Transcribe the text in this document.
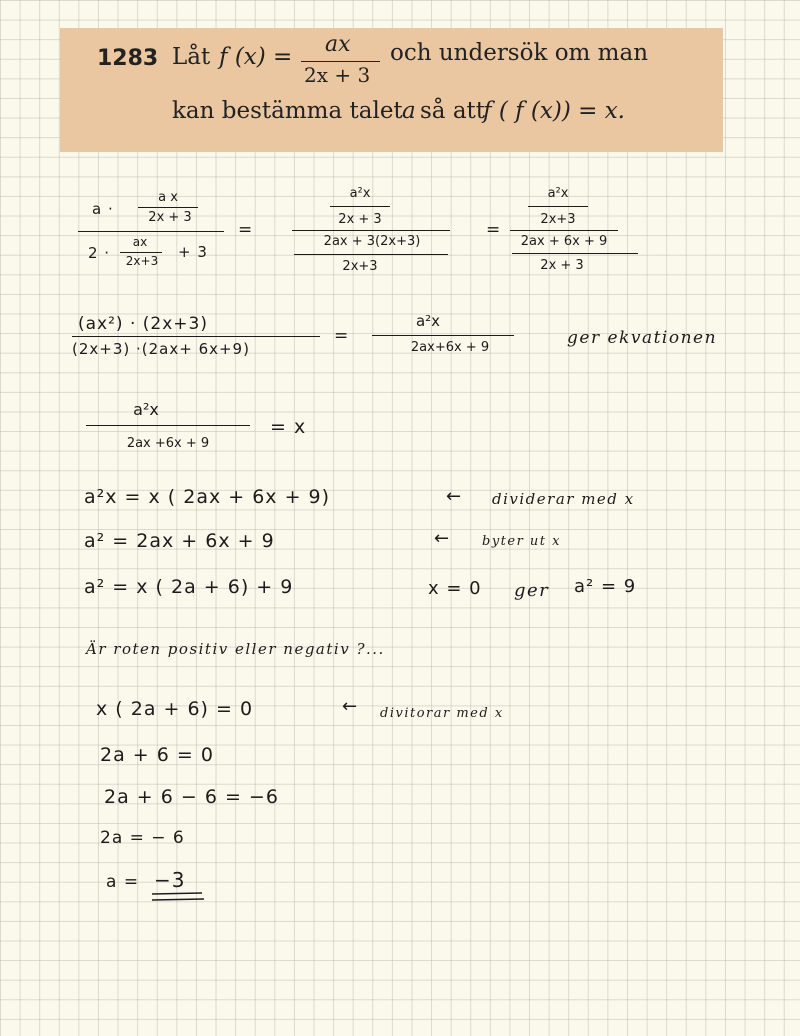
1283 Låt f (x) = ax
2x + 3
och undersök om man
kan bestämma talet a så att
f ( f (x)) = x.
a ·
a x
2x + 3
2 ·
ax
2x+3 + 3
=
a²x
2x + 3
2ax + 3(2x+3)
2x+3
=
a²x
2x+3
2ax + 6x + 9
2x + 3
(ax²) · (2x+3)
(2x+3) ·(2ax+ 6x+9)
=
a²x
2ax+6x + 9	ger ekvationen
a²x
2ax +6x + 9
= x
a²x = x ( 2ax + 6x + 9)	← dividerar med x
a² = 2ax + 6x + 9	←	byter ut x
a² = x ( 2a + 6) + 9	x = 0 ger a² = 9
Är roten positiv eller negativ ?...
x ( 2a + 6) = 0	← divitorar med x
2a + 6 = 0
2a + 6 − 6 = −6
2a = − 6
a = −3
